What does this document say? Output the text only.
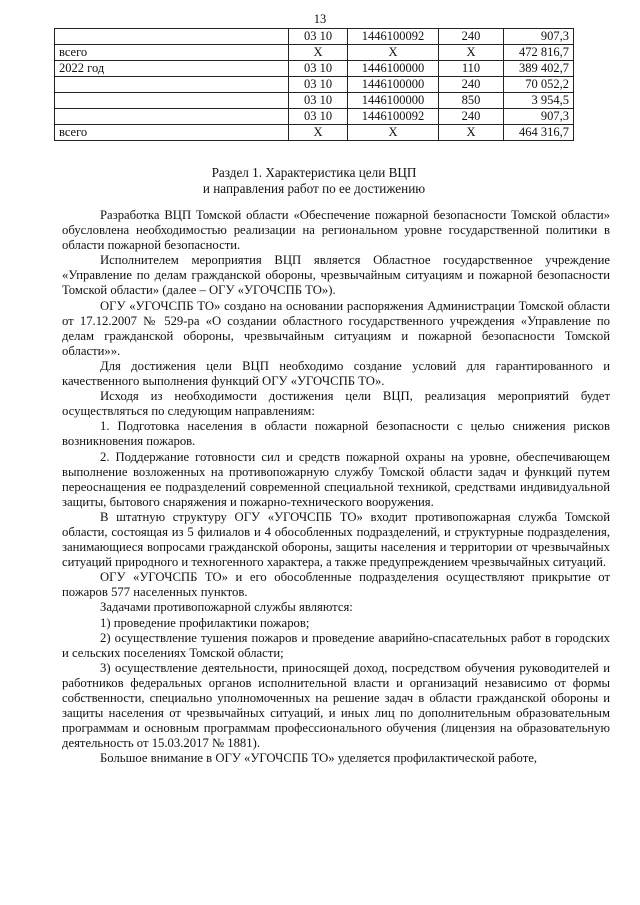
13
	03 10	1446100092	240	907,3
всего	X	X	X	472 816,7
2022 год	03 10	1446100000	110	389 402,7
	03 10	1446100000	240	70 052,2
	03 10	1446100000	850	3 954,5
	03 10	1446100092	240	907,3
всего	X	X	X	464 316,7
Раздел 1. Характеристика цели ВЦП
и направления работ по ее достижению

Разработка ВЦП Томской области «Обеспечение пожарной безопасности Томской области» обусловлена необходимостью реализации на региональном уровне государственной политики в области пожарной безопасности.

Исполнителем мероприятия ВЦП является Областное государственное учреждение «Управление по делам гражданской обороны, чрезвычайным ситуациям и пожарной безопасности Томской области» (далее – ОГУ «УГОЧСПБ ТО»).

ОГУ «УГОЧСПБ ТО» создано на основании распоряжения Администрации Томской области от 17.12.2007 № 529-ра «О создании областного государственного учреждения «Управление по делам гражданской обороны, чрезвычайным ситуациям и пожарной безопасности Томской области»».

Для достижения цели ВЦП необходимо создание условий для гарантированного и качественного выполнения функций ОГУ «УГОЧСПБ ТО».

Исходя из необходимости достижения цели ВЦП, реализация мероприятий будет осуществляться по следующим направлениям:

1. Подготовка населения в области пожарной безопасности с целью снижения рисков возникновения пожаров.

2. Поддержание готовности сил и средств пожарной охраны на уровне, обеспечивающем выполнение возложенных на противопожарную службу Томской области задач и функций путем переоснащения ее подразделений современной специальной техникой, средствами индивидуальной защиты, бытового снаряжения и пожарно-технического вооружения.

В штатную структуру ОГУ «УГОЧСПБ ТО» входит противопожарная служба Томской области, состоящая из 5 филиалов и 4 обособленных подразделений, и структурные подразделения, занимающиеся вопросами гражданской обороны, защиты населения и территории от чрезвычайных ситуаций природного и техногенного характера, а также предупреждением чрезвычайных ситуаций.

ОГУ «УГОЧСПБ ТО» и его обособленные подразделения осуществляют прикрытие от пожаров 577 населенных пунктов.

Задачами противопожарной службы являются:

1) проведение профилактики пожаров;

2) осуществление тушения пожаров и проведение аварийно-спасательных работ в городских и сельских поселениях Томской области;

3) осуществление деятельности, приносящей доход, посредством обучения руководителей и работников федеральных органов исполнительной власти и организаций независимо от формы собственности, специально уполномоченных на решение задач в области гражданской обороны и защиты населения от чрезвычайных ситуаций, и иных лиц по дополнительным образовательным программам и основным программам профессионального обучения (лицензия на образовательную деятельность от 15.03.2017 № 1881).

Большое внимание в ОГУ «УГОЧСПБ ТО» уделяется профилактической работе,
